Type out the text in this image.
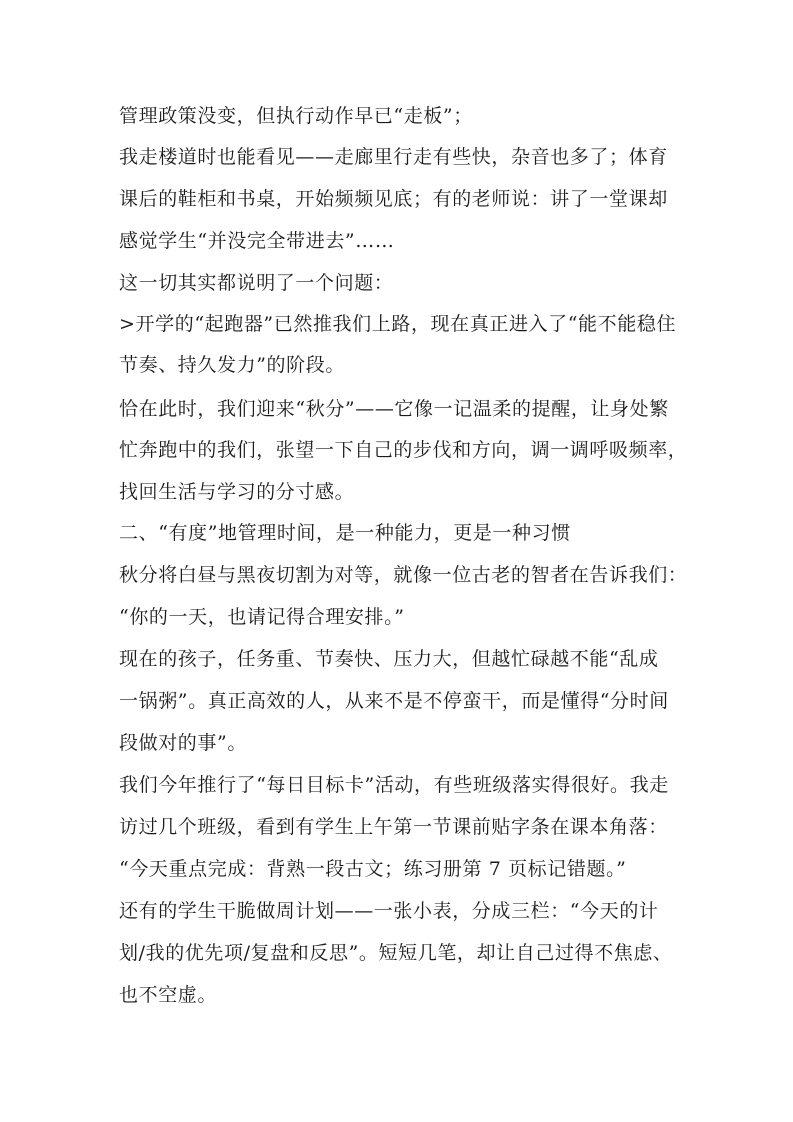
管理政策没变，但执行动作早已“走板”；
我走楼道时也能看见——走廊里行走有些快，杂音也多了；体育
课后的鞋柜和书桌，开始频频见底；有的老师说：讲了一堂课却
感觉学生“并没完全带进去”……
这一切其实都说明了一个问题：
>开学的“起跑器”已然推我们上路，现在真正进入了“能不能稳住
节奏、持久发力”的阶段。
恰在此时，我们迎来“秋分”——它像一记温柔的提醒，让身处繁
忙奔跑中的我们，张望一下自己的步伐和方向，调一调呼吸频率，
找回生活与学习的分寸感。
二、“有度”地管理时间，是一种能力，更是一种习惯
秋分将白昼与黑夜切割为对等，就像一位古老的智者在告诉我们：
“你的一天，也请记得合理安排。”
现在的孩子，任务重、节奏快、压力大，但越忙碌越不能“乱成
一锅粥”。真正高效的人，从来不是不停蛮干，而是懂得“分时间
段做对的事”。
我们今年推行了“每日目标卡”活动，有些班级落实得很好。我走
访过几个班级，看到有学生上午第一节课前贴字条在课本角落：
“今天重点完成：背熟一段古文；练习册第 7 页标记错题。”
还有的学生干脆做周计划——一张小表，分成三栏：“今天的计
划/我的优先项/复盘和反思”。短短几笔，却让自己过得不焦虑、
也不空虚。
